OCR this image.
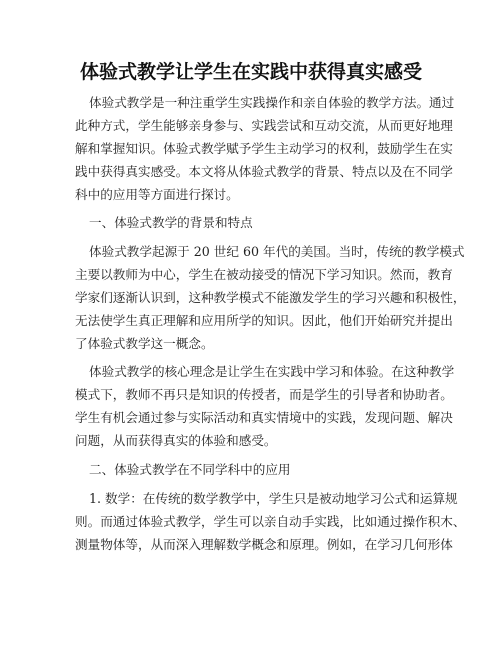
体验式教学让学生在实践中获得真实感受
体验式教学是一种注重学生实践操作和亲自体验的教学方法。通过
此种方式，学生能够亲身参与、实践尝试和互动交流，从而更好地理
解和掌握知识。体验式教学赋予学生主动学习的权利，鼓励学生在实
践中获得真实感受。本文将从体验式教学的背景、特点以及在不同学
科中的应用等方面进行探讨。
一、体验式教学的背景和特点
体验式教学起源于 20 世纪 60 年代的美国。当时，传统的教学模式
主要以教师为中心，学生在被动接受的情况下学习知识。然而，教育
学家们逐渐认识到，这种教学模式不能激发学生的学习兴趣和积极性，
无法使学生真正理解和应用所学的知识。因此，他们开始研究并提出
了体验式教学这一概念。
体验式教学的核心理念是让学生在实践中学习和体验。在这种教学
模式下，教师不再只是知识的传授者，而是学生的引导者和协助者。
学生有机会通过参与实际活动和真实情境中的实践，发现问题、解决
问题，从而获得真实的体验和感受。
二、体验式教学在不同学科中的应用
1. 数学：在传统的数学教学中，学生只是被动地学习公式和运算规
则。而通过体验式教学，学生可以亲自动手实践，比如通过操作积木、
测量物体等，从而深入理解数学概念和原理。例如，在学习几何形体
